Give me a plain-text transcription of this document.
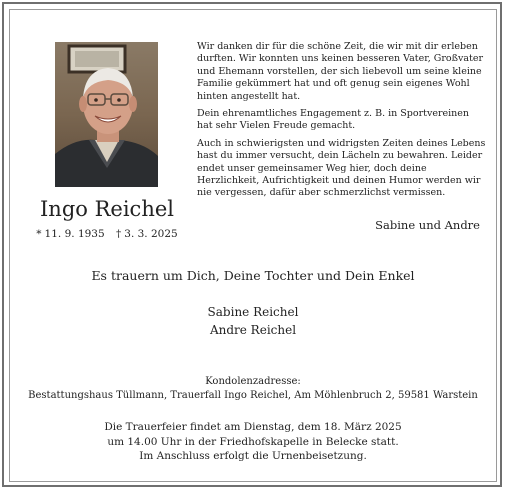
Ingo Reichel
* 11. 9. 1935 † 3. 3. 2025

Wir danken dir für die schöne Zeit, die wir mit dir erleben durften. Wir konnten uns keinen besseren Vater, Großvater und Ehemann vorstellen, der sich liebevoll um seine kleine Familie gekümmert hat und oft genug sein eigenes Wohl hinten angestellt hat.

Dein ehrenamtliches Engagement z. B. in Sportvereinen hat sehr Vielen Freude gemacht.

Auch in schwierigsten und widrigsten Zeiten deines Lebens hast du immer versucht, dein Lächeln zu bewahren. Leider endet unser gemeinsamer Weg hier, doch deine Herzlichkeit, Aufrichtigkeit und deinen Humor werden wir nie vergessen, dafür aber schmerzlichst vermissen.

Sabine und Andre
Es trauern um Dich, Deine Tochter und Dein Enkel
Sabine Reichel
Andre Reichel
Kondolenzadresse:
Bestattungshaus Tüllmann, Trauerfall Ingo Reichel, Am Möhlenbruch 2, 59581 Warstein
Die Trauerfeier findet am Dienstag, dem 18. März 2025
um 14.00 Uhr in der Friedhofskapelle in Belecke statt.
Im Anschluss erfolgt die Urnenbeisetzung.
